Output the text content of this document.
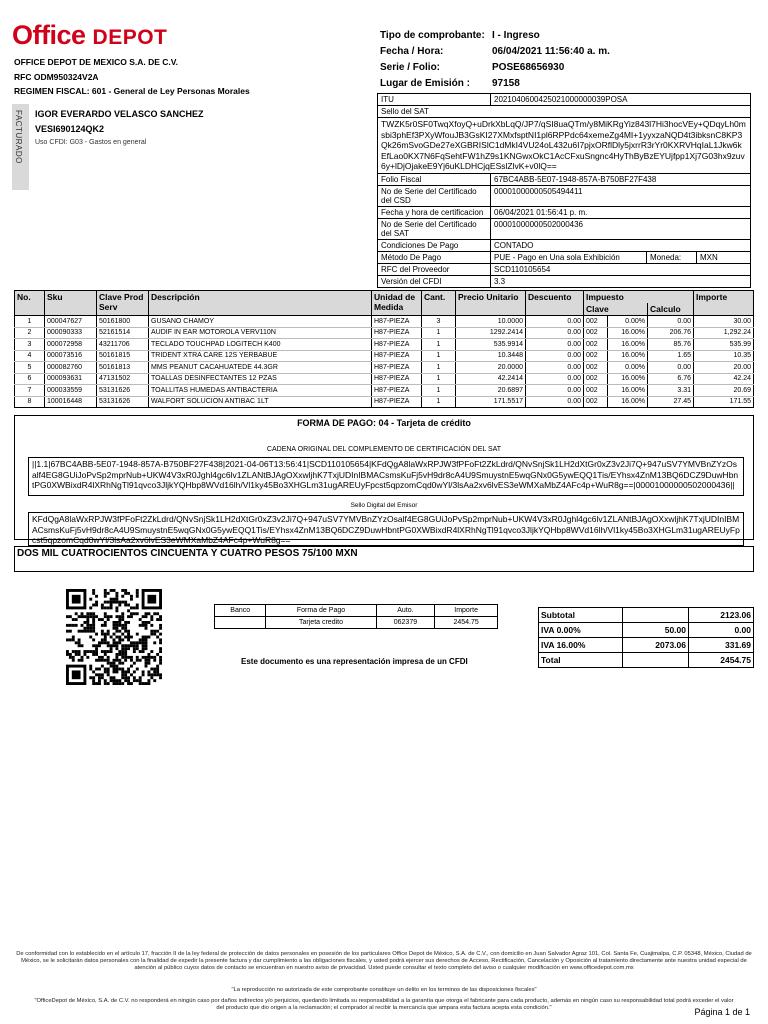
Office DEPOT
OFFICE DEPOT DE MEXICO S.A. DE C.V.
RFC ODM950324V2A
REGIMEN FISCAL: 601 - General de Ley Personas Morales
FACTURADO IGOR EVERARDO VELASCO SANCHEZ
VESI690124QK2
Uso CFDI: G03 - Gastos en general
Tipo de comprobante: I - Ingreso
Fecha / Hora:	06/04/2021 11:56:40 a. m.
Serie / Folio:	POSE68656930
Lugar de Emisión : 97158
ITU	2021040600425021000000039POSA		
Sello del SAT			
TWZK5r0SF0TwqXfoyQ+uDrkXbLqQ/JP7/qSI8uaQTm/y8MiKRgYiz843l7Hi3hocVEy+QDqyLh0msbi3phEf3PXyWfouJB3GsKI27XMxfsptNI1pl6RPPdc64xemeZg4MI+1yyxzaNQD4t3ibksnC8KP3Qk26mSvoGDe27eXGBRISlC1dMkI4VU24oL432u6I7pjxORflDly5jxrrR3rYr0KXRVHqIaL1Jkw6kEfLao0KX7N6FqSehtFW1hZ9s1KNGwxOkC1AcCFxuSngnc4HyThByBzEYUjfpp1Xj7G03hx9zuv6y+lDjOjakeE9Yj6uKLDHCjqESslZlvK+v0lQ==			
Folio Fiscal	67BC4ABB-5E07-1948-857A-B750BF27F438		
No de Serie del Certificado del CSD	00001000000505494411		
Fecha y hora de certificacion	06/04/2021 01:56:41 p. m.		
No de Serie del Certificado del SAT	00001000000502000436		
Condiciones De Pago	CONTADO		
Método De Pago	PUE - Pago en Una sola Exhibición	Moneda:	MXN
RFC del Proveedor	SCD110105654		
Versión del CFDI	3.3		
No.	Sku	Clave Prod Serv	Descripción	Unidad de Medida	Cant.	Precio Unitario	Descuento	Impuesto			Importe
								Clave		Calculo	
1	000047627	50161800	GUSANO CHAMOY	H87-PIEZA	3	10.0000	0.00	002	0.00%	0.00	30.00
2	000090333	52161514	AUDIF IN EAR MOTOROLA VERV110N	H87-PIEZA	1	1292.2414	0.00	002	16.00%	206.76	1,292.24
3	000072958	43211706	TECLADO TOUCHPAD LOGITECH K400	H87-PIEZA	1	535.9914	0.00	002	16.00%	85.76	535.99
4	000073516	50161815	TRIDENT XTRA CARE 12S YERBABUE	H87-PIEZA	1	10.3448	0.00	002	16.00%	1.65	10.35
5	000082760	50161813	MMS PEANUT CACAHUATEDE 44.3GR	H87-PIEZA	1	20.0000	0.00	002	0.00%	0.00	20.00
6	000093631	47131502	TOALLAS DESINFECTANTES 12 PZAS	H87-PIEZA	1	42.2414	0.00	002	16.00%	6.76	42.24
7	000033559	53131626	TOALLITAS HUMEDAS ANTIBACTERIA	H87-PIEZA	1	20.6897	0.00	002	16.00%	3.31	20.69
8	100016448	53131626	WALFORT SOLUCION ANTIBAC 1LT	H87-PIEZA	1	171.5517	0.00	002	16.00%	27.45	171.55
FORMA DE PAGO: 04 - Tarjeta de crédito
CADENA ORIGINAL DEL COMPLEMENTO DE CERTIFICACIÓN DEL SAT
||1.1|67BC4ABB-5E07-1948-857A-B750BF27F438|2021-04-06T13:56:41|SCD110105654|KFdQgA8laWxRPJW3fPFoFt2ZkLdrd/QNvSnjSk1LH2dXtGr0xZ3v2Ji7Q+947uSV7YMVBnZYzOsalf4EG8GUiJoPvSp2mprNub+UKW4V3xR0Jghl4gc6lv1ZLANtBJAgOXxwljhK7TxjUDInIBMACsmsKuFj5vH9dr8cA4U9SmuystnE5wqGNx0G5ywEQQ1Tis/EYhsx4ZnM13BQ6DCZ9DuwHbntPG0XWBixdR4lXRhNgTl91qvco3JljkYQHbp8WVd16lh/Vl1ky45Bo3XHGLm31ugAREUyFpcst5qpzomCqd0wYl/3lsAa2xv6lvES3eWMXaMbZ4AFc4p+WuR8g==|00001000000502000436||
Sello Digital del Emisor
KFdQgA8laWxRPJW3fPFoFt2ZkLdrd/QNvSnjSk1LH2dXtGr0xZ3v2Ji7Q+947uSV7YMVBnZYzOsalf4EG8GUiJoPvSp2mprNub+UKW4V3xR0Jghl4gc6lv1ZLANtBJAgOXxwljhK7TxjUDInIBMACsmsKuFj5vH9dr8cA4U9SmuystnE5wqGNx0G5ywEQQ1Tis/EYhsx4ZnM13BQ6DCZ9DuwHbntPG0XWBixdR4lXRhNgTl91qvco3JljkYQHbp8WVd16lh/Vl1ky45Bo3XHGLm31ugAREUyFpcst5qpzomCqd0wYl/3lsAa2xv6lvES3eWMXaMbZ4AFc4p+WuR8g==
DOS MIL CUATROCIENTOS CINCUENTA Y CUATRO PESOS 75/100 MXN
Banco	Forma de Pago	Auto.	Importe
	Tarjeta credito	062379	2454.75
Este documento es una representación impresa de un CFDI
Subtotal		2123.06
IVA 0.00%	50.00	0.00
IVA 16.00%	2073.06	331.69
Total		2454.75
De conformidad con lo establecido en el artículo 17, fracción II de la ley federal de protección de datos personales en posesión de los particulares Office Depot de México, S.A. de C.V., con domicilio en Juan Salvador Agraz 101, Col. Santa Fe, Cuajimalpa, C.P. 05348, México, Ciudad de México, se le solicitarán datos personales con la finalidad de expedir la presente factura y dar cumplimiento a las obligaciones fiscales, y usted podrá ejercer sus derechos de Acceso, Rectificación, Cancelación y Oposición al tratamiento directamente ante nuestra unidad especial de atención al público cuyos datos de contacto se encuentran en nuestro aviso de privacidad. Usted puede consultar el texto completo del aviso o cualquier modificación en www.officedepot.com.mx
"La reproducción no autorizada de este comprobante constituye un delito en los terminos de las disposiciones fiscales"
"OfficeDepot de México, S.A. de C.V. no responderá en ningún caso por daños indirectos y/o perjuicios, quedando limitada su responsabilidad a la garantía que otorga el fabricante para cada producto, además en ningún caso su responsabilidad total podrá exceder el valor del producto que dio origen a la reclamación; el comprador al recibir la mercancía que ampara esta factura acepta esta condición."	Página 1 de 1
